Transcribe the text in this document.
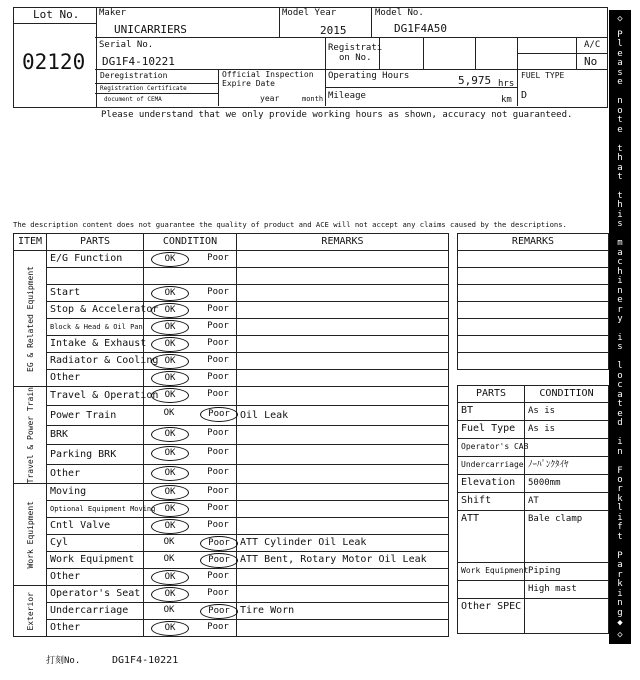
Lot No.
02120
Maker
UNICARRIERS
Model Year
2015
Model No.
DG1F4A50
Serial No.
DG1F4-10221
Registrati
on No.
A/C
No
Deregistration
Registration Certificate
document of CEMA
Official Inspection
Expire Date
year	month
Operating Hours	5,975 hrs
Mileage	km
FUEL TYPE
D
Please understand that we only provide working hours as shown, accuracy not guaranteed.
The description content does not guarantee the quality of product and ACE will not accept any claims caused by the descriptions.
ITEM	PARTS	CONDITION	REMARKS

EG & Related Equipment	E/G Function	OK Poor	

	Start	OK Poor	

	Stop & Accelerator	OK Poor	

	Block & Head & Oil Pan	OK Poor	

	Intake & Exhaust	OK Poor	

	Radiator & Cooling	OK Poor	

	Other	OK Poor	

Travel & Power Train	Travel & Operation	OK Poor	

	Power Train	OK Poor	Oil Leak
	BRK	OK Poor	

	Parking BRK	OK Poor	

	Other	OK Poor	

Work Equipment	Moving	OK Poor	

	Optional Equipment Moving	OK Poor	

	Cntl Valve	OK Poor	

	Cyl	OK Poor	ATT Cylinder Oil Leak
	Work Equipment	OK Poor	ATT Bent, Rotary Motor Oil Leak
	Other	OK Poor	

Exterior	Operator's Seat	OK Poor	

	Undercarriage	OK Poor	Tire Worn
	Other	OK Poor	

REMARKS

PARTS	CONDITION
BT	As is
Fuel Type	As is
Operator's CAB	
Undercarriage	ﾉｰﾊﾟﾝｸﾀｲﾔ
Elevation	5000mm
Shift	AT
ATT	Bale clamp
Work Equipment	Piping
	High mast
Other SPEC	
打刻No.	DG1F4-10221
◇
P
l
e
a
s
e
n
o
t
e
t
h
a
t
t
h
i
s
m
a
c
h
i
n
e
r
y
i
s
l
o
c
a
t
e
d
i
n
F
o
r
k
l
i
f
t
P
a
r
k
i
n
g
◆
◇
